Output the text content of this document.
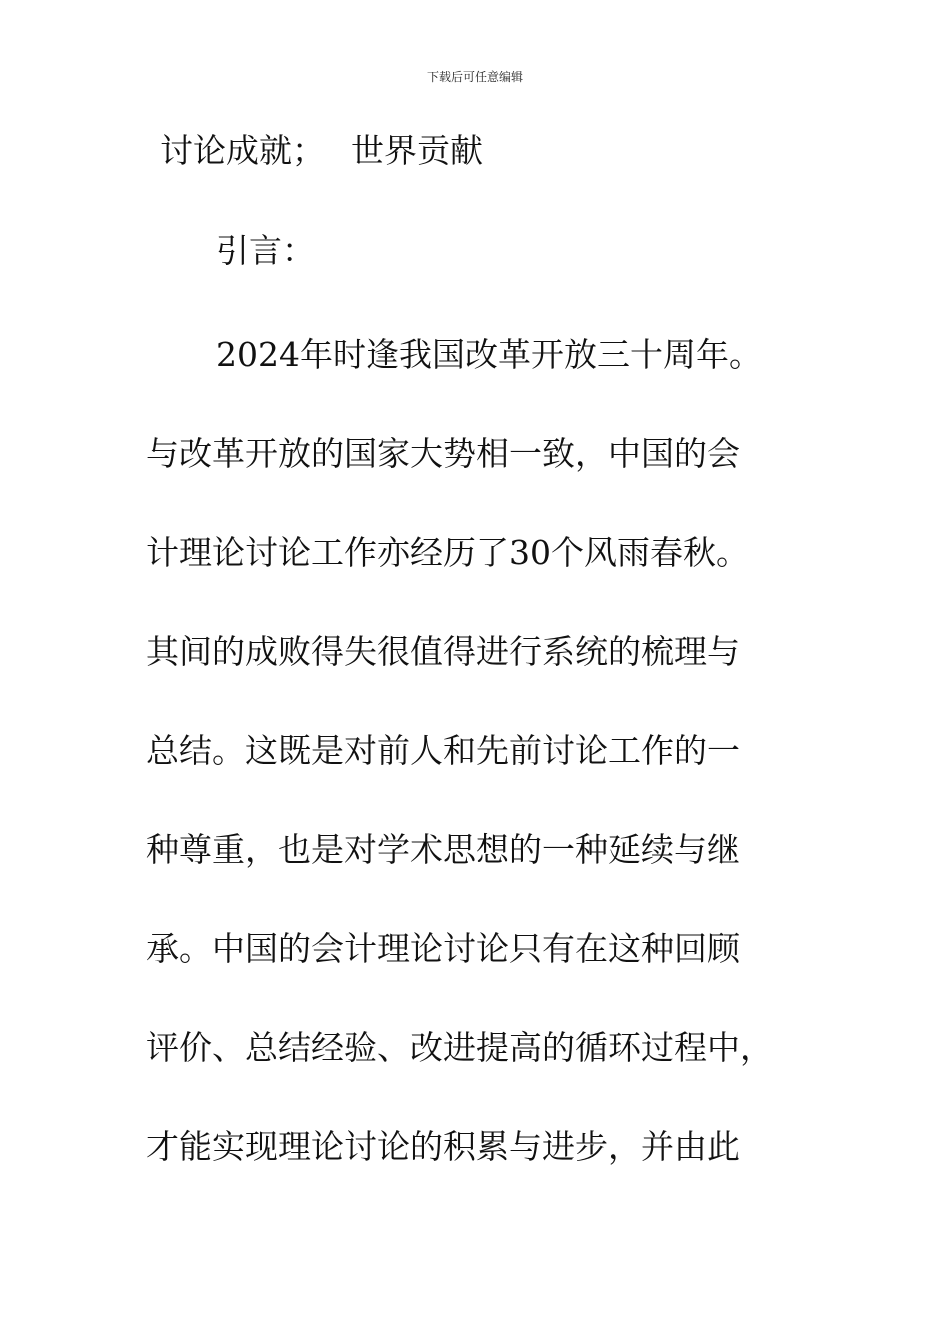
下载后可任意编辑
讨论成就； 世界贡献
引言：
2024年时逢我国改革开放三十周年。
与改革开放的国家大势相一致，中国的会
计理论讨论工作亦经历了30个风雨春秋。
其间的成败得失很值得进行系统的梳理与
总结。这既是对前人和先前讨论工作的一
种尊重，也是对学术思想的一种延续与继
承。中国的会计理论讨论只有在这种回顾
评价、总结经验、改进提高的循环过程中，
才能实现理论讨论的积累与进步，并由此
